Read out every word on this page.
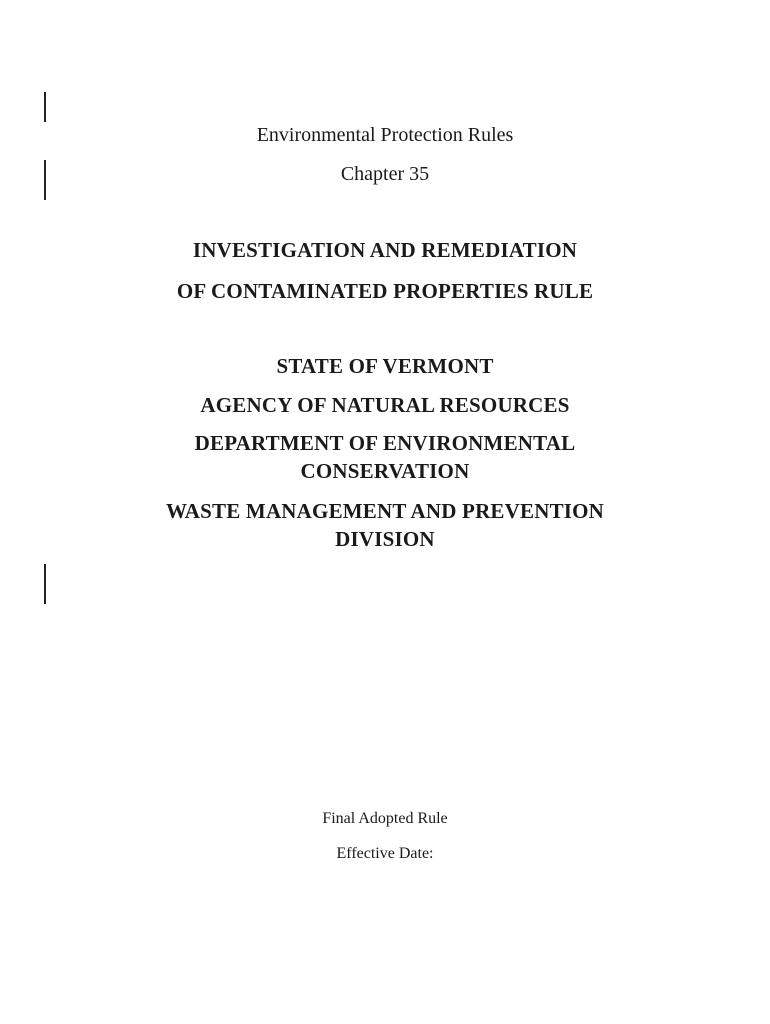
Environmental Protection Rules
Chapter 35
INVESTIGATION AND REMEDIATION
OF CONTAMINATED PROPERTIES RULE
STATE OF VERMONT
AGENCY OF NATURAL RESOURCES
DEPARTMENT OF ENVIRONMENTAL
CONSERVATION
WASTE MANAGEMENT AND PREVENTION
DIVISION
Final Adopted Rule
Effective Date:
